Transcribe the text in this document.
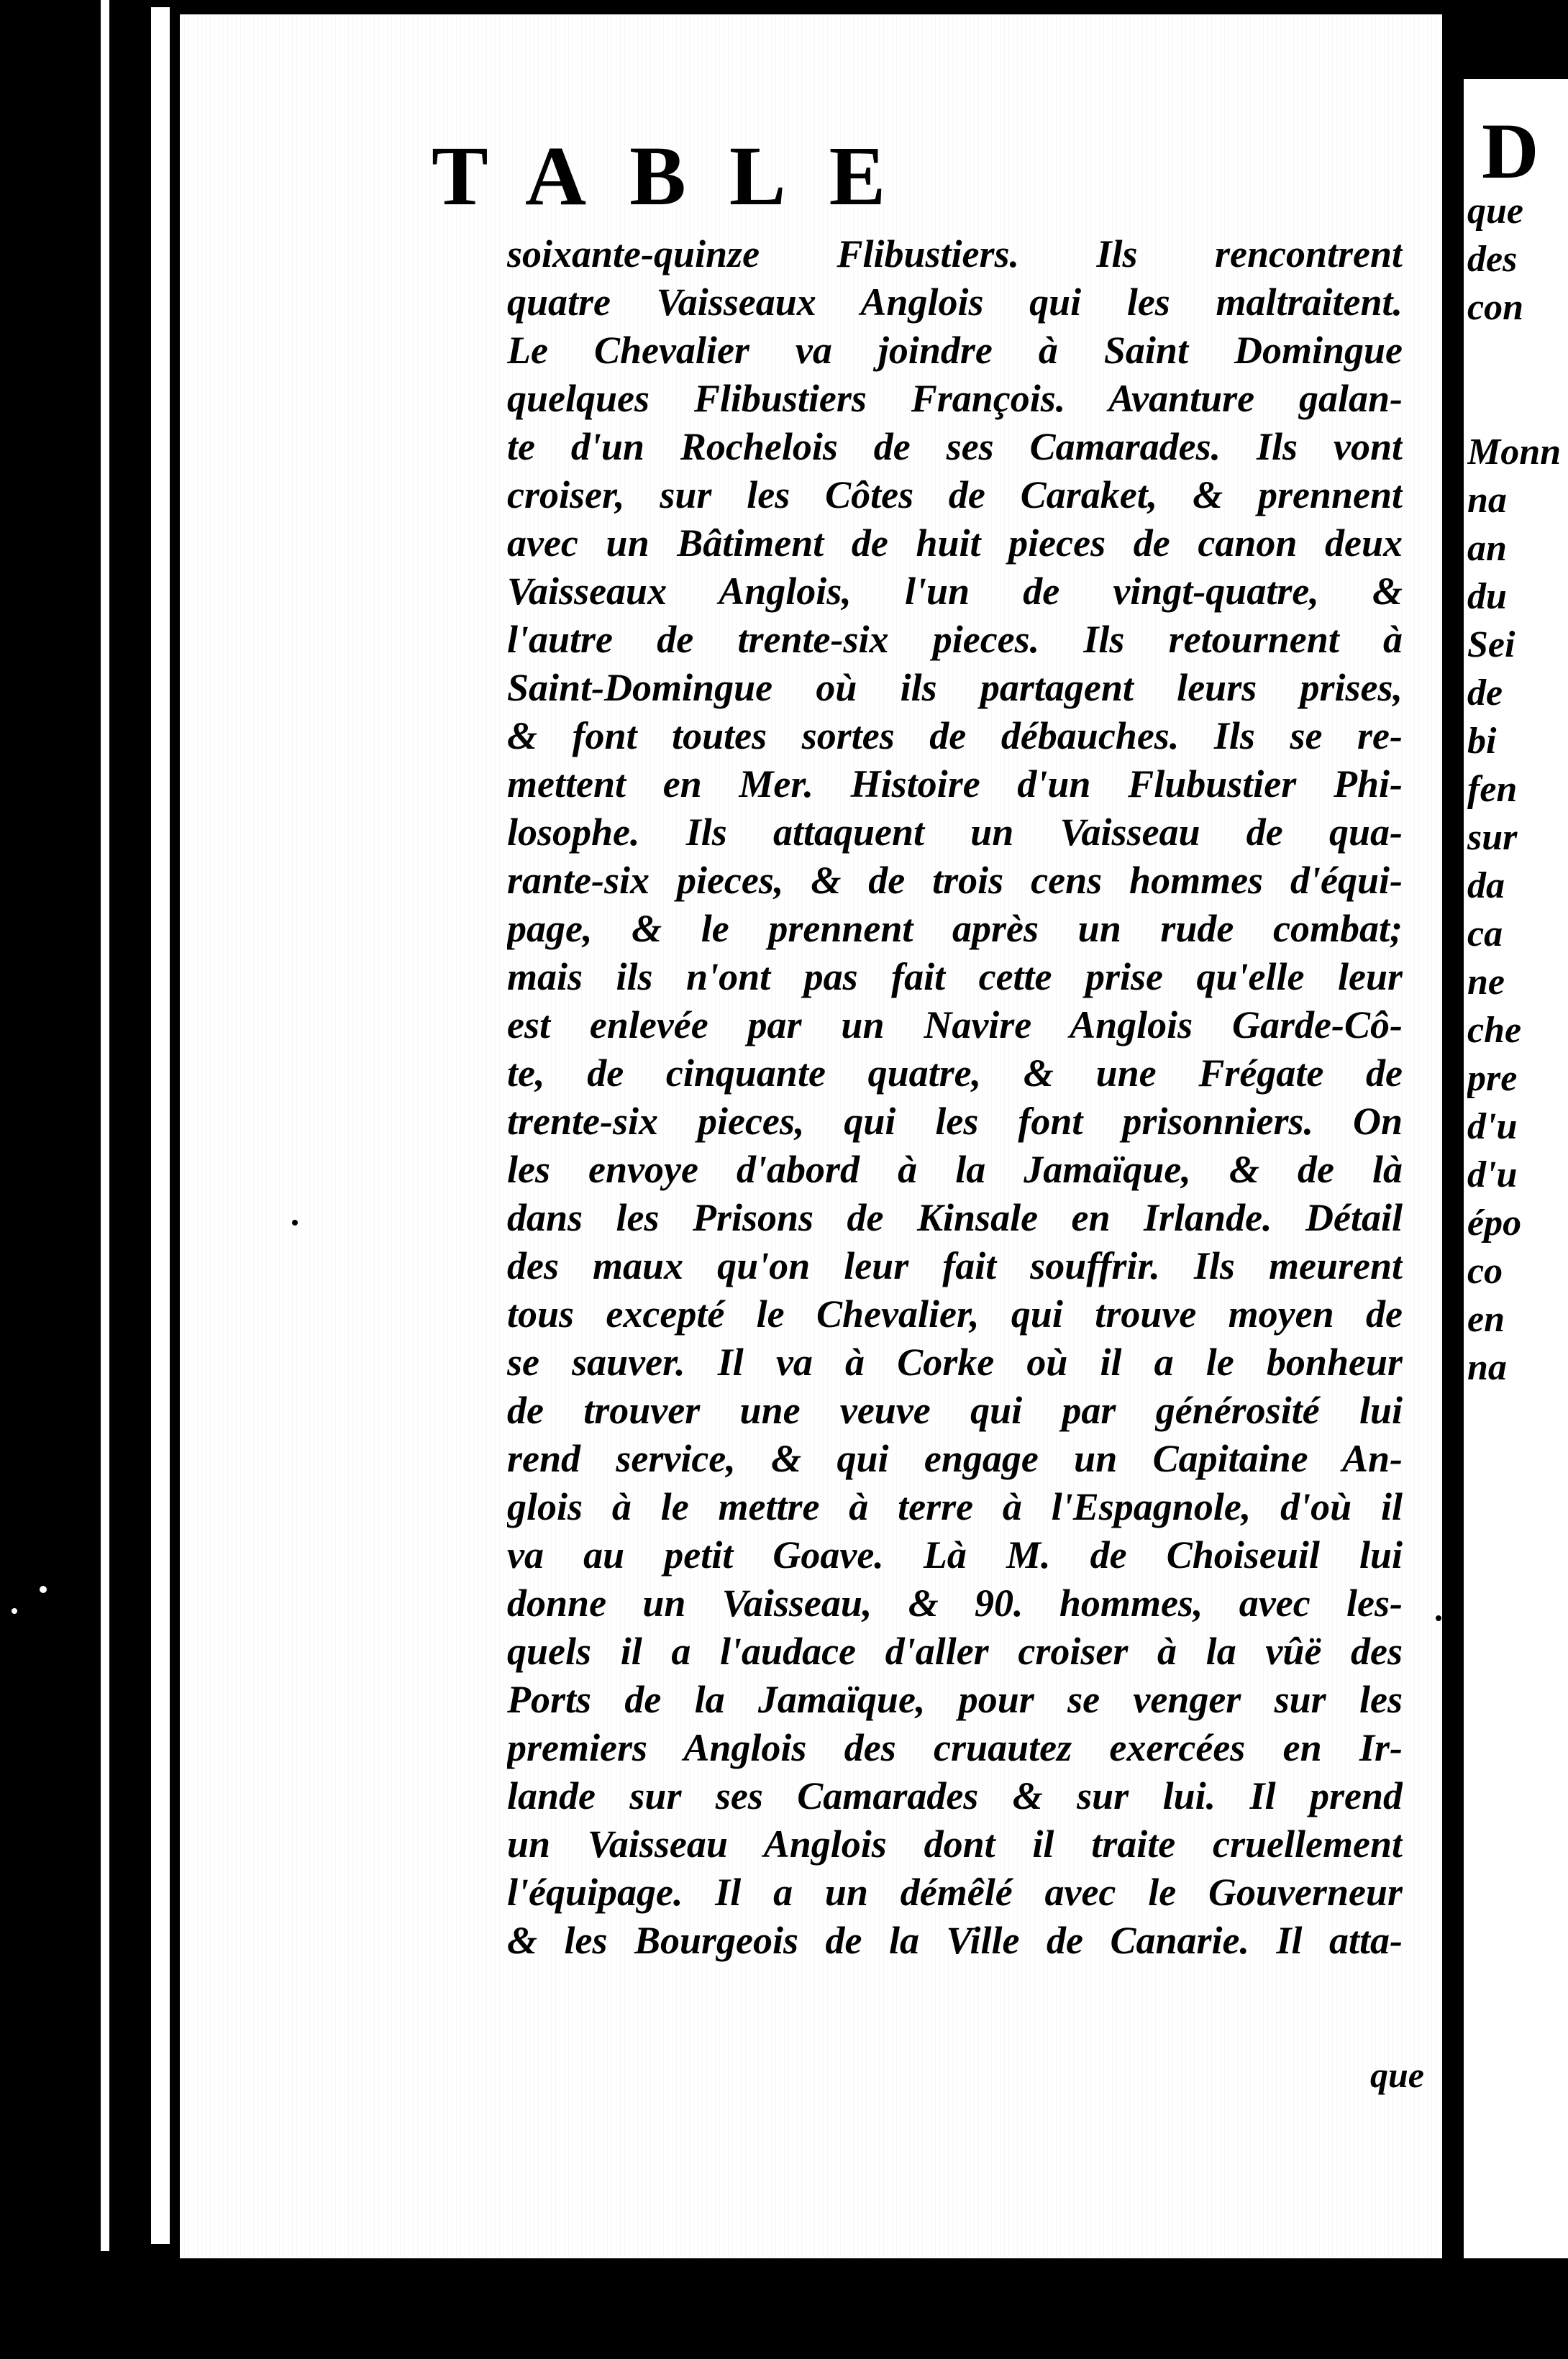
TABLE
soixante-quinze Flibustiers. Ils rencontrent
quatre Vaisseaux Anglois qui les maltraitent.
Le Chevalier va joindre à Saint Domingue
quelques Flibustiers François. Avanture galan-
te d'un Rochelois de ses Camarades. Ils vont
croiser, sur les Côtes de Caraket, & prennent
avec un Bâtiment de huit pieces de canon deux
Vaisseaux Anglois, l'un de vingt-quatre, &
l'autre de trente-six pieces. Ils retournent à
Saint-Domingue où ils partagent leurs prises,
& font toutes sortes de débauches. Ils se re-
mettent en Mer. Histoire d'un Flubustier Phi-
losophe. Ils attaquent un Vaisseau de qua-
rante-six pieces, & de trois cens hommes d'équi-
page, & le prennent après un rude combat;
mais ils n'ont pas fait cette prise qu'elle leur
est enlevée par un Navire Anglois Garde-Cô-
te, de cinquante quatre, & une Frégate de
trente-six pieces, qui les font prisonniers. On
les envoye d'abord à la Jamaïque, & de là
dans les Prisons de Kinsale en Irlande. Détail
des maux qu'on leur fait souffrir. Ils meurent
tous excepté le Chevalier, qui trouve moyen de
se sauver. Il va à Corke où il a le bonheur
de trouver une veuve qui par générosité lui
rend service, & qui engage un Capitaine An-
glois à le mettre à terre à l'Espagnole, d'où il
va au petit Goave. Là M. de Choiseuil lui
donne un Vaisseau, & 90. hommes, avec les-
quels il a l'audace d'aller croiser à la vûë des
Ports de la Jamaïque, pour se venger sur les
premiers Anglois des cruautez exercées en Ir-
lande sur ses Camarades & sur lui. Il prend
un Vaisseau Anglois dont il traite cruellement
l'équipage. Il a un démêlé avec le Gouverneur
& les Bourgeois de la Ville de Canarie. Il atta-
que
D
que
des
con
Monn
na
an
du
Sei
de
bi
fen
sur
da
ca
ne
che
pre
d'u
d'u
épo
co
en
na
